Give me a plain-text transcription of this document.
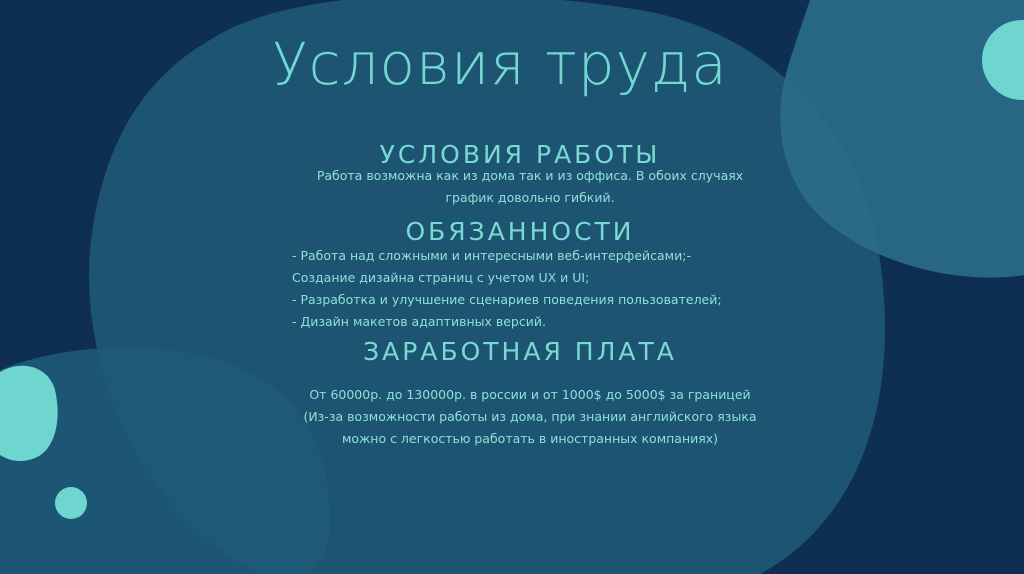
Условия труда
УСЛОВИЯ РАБОТЫ
Работа возможна как из дома так и из оффиса. В обоих случаях
график довольно гибкий.
ОБЯЗАННОСТИ
- Работа над сложными и интересными веб-интерфейсами;-
Создание дизайна страниц с учетом UX и UI;
- Разработка и улучшение сценариев поведения пользователей;
- Дизайн макетов адаптивных версий.
ЗАРАБОТНАЯ ПЛАТА
От 60000р. до 130000р. в россии и от 1000$ до 5000$ за границей
(Из-за возможности работы из дома, при знании английского языка
можно с легкостью работать в иностранных компаниях)
